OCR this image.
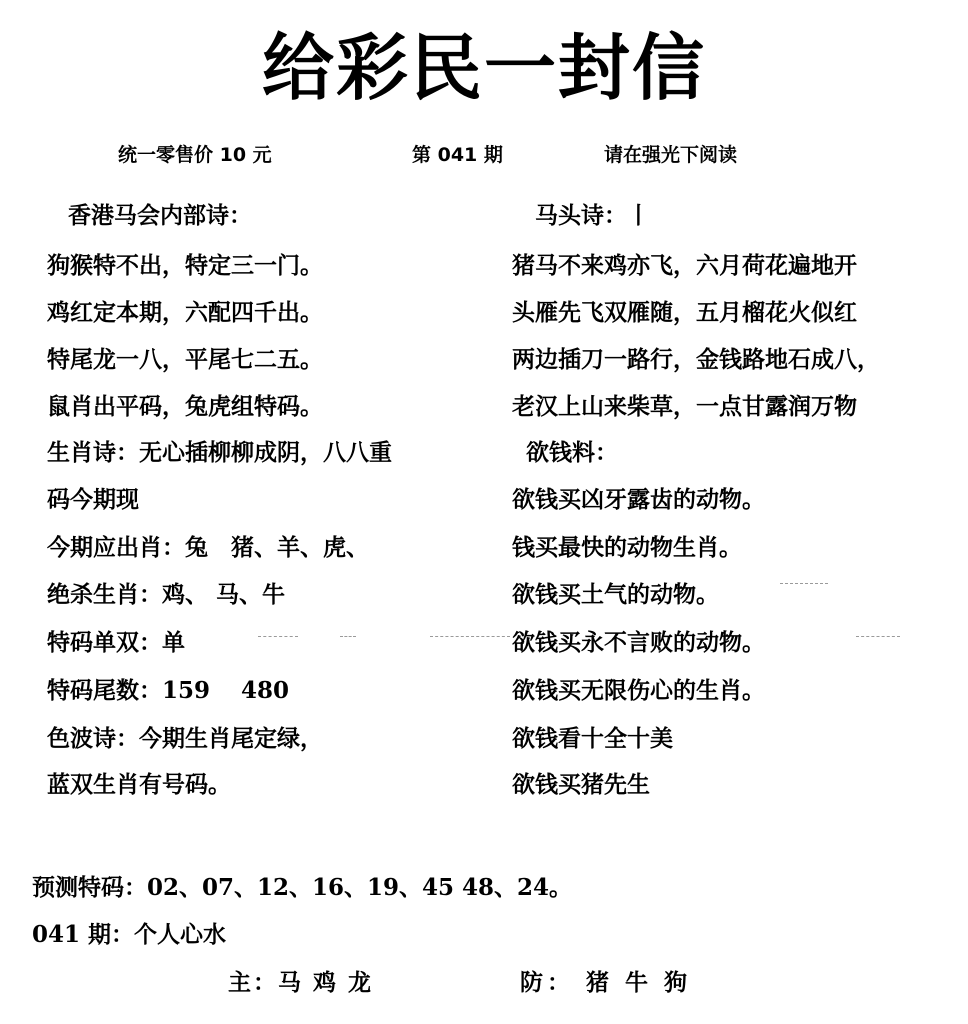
给彩民一封信
统一零售价 10 元	第 041 期	请在强光下阅读
香港马会内部诗：
狗猴特不出，特定三一门。
鸡红定本期，六配四千出。
特尾龙一八，平尾七二五。
鼠肖出平码，兔虎组特码。
生肖诗：无心插柳柳成阴，八八重
码今期现
今期应出肖：兔　猪、羊、虎、
绝杀生肖：鸡、 马、牛
特码单双：单
特码尾数：159　 480
色波诗：今期生肖尾定绿，
蓝双生肖有号码。
马头诗：丨
猪马不来鸡亦飞，六月荷花遍地开
头雁先飞双雁随，五月榴花火似红
两边插刀一路行，金钱路地石成八，
老汉上山来柴草，一点甘露润万物
欲钱料：
欲钱买凶牙露齿的动物。
钱买最快的动物生肖。
欲钱买土气的动物。
欲钱买永不言败的动物。
欲钱买无限伤心的生肖。
欲钱看十全十美
欲钱买猪先生
预测特码：02、07、12、16、19、45 48、24。
041 期：个人心水
主：马 鸡 龙	防： 猪 牛 狗
